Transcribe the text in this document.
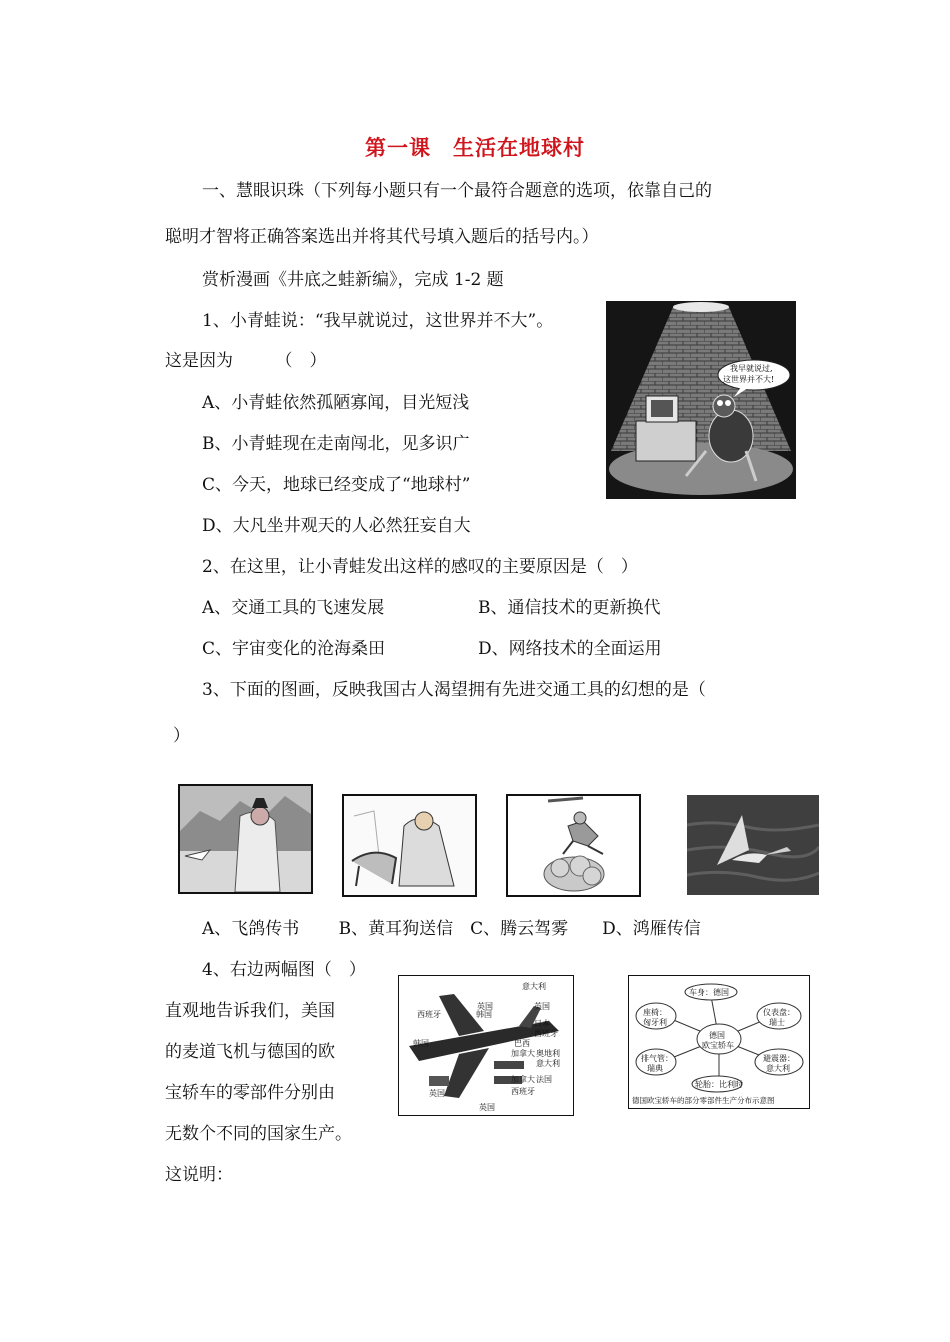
第一课　生活在地球村
一、慧眼识珠（下列每小题只有一个最符合题意的选项，依靠自己的
聪明才智将正确答案选出并将其代号填入题后的括号内。）
赏析漫画《井底之蛙新编》，完成 1-2 题
1、小青蛙说：“我早就说过，这世界并不大”。
这是因为　　　（　）
A、小青蛙依然孤陋寡闻，目光短浅
B、小青蛙现在走南闯北，见多识广
C、今天，地球已经变成了“地球村”
D、大凡坐井观天的人必然狂妄自大
我早就说过,
这世界并不大!
2、在这里，让小青蛙发出这样的感叹的主要原因是（　）
A、交通工具的飞速发展	B、通信技术的更新换代
C、宇宙变化的沧海桑田	D、网络技术的全面运用
3、下面的图画，反映我国古人渴望拥有先进交通工具的幻想的是（
）
A、飞鸽传书　　 B、黄耳狗送信　C、腾云驾雾　　D、鸿雁传信
4、右边两幅图（　）
直观地告诉我们，美国
的麦道飞机与德国的欧
宝轿车的零部件分别由
无数个不同的国家生产。
这说明：
意大利
英国
韩国
西班牙
英国
日本
西班牙
韩国	巴西
加拿大 奥地利
意大利
加拿大 法国
西班牙
英国
英国
德国
欧宝轿车
车身：德国
座椅：
匈牙利
仪表盘：
瑞士
排气管：
瑞典
避震器：
意大利
轮胎：比利时
德国欧宝轿车的部分零部件生产分布示意图
